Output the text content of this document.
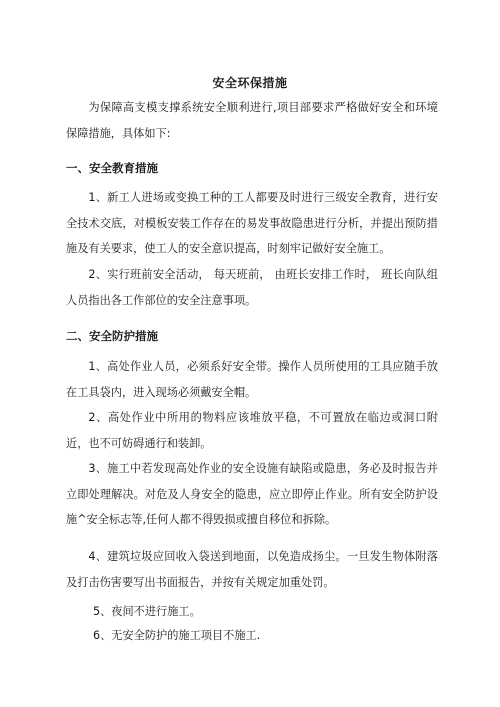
安全环保措施
为保障高支模支撑系统安全顺利进行,项目部要求严格做好安全和环境保障措施，具体如下:
一、安全教育措施
1、新工人进场或变换工种的工人都要及时进行三级安全教育，进行安全技术交底，对模板安装工作存在的易发事故隐患进行分析，并提出预防措施及有关要求，使工人的安全意识提高，时刻牢记做好安全施工。
2、实行班前安全活动， 每天班前， 由班长安排工作时， 班长向队组人员指出各工作部位的安全注意事项。
二、安全防护措施
1、高处作业人员，必须系好安全带。操作人员所使用的工具应随手放在工具袋内，进入现场必须戴安全帽。
2、高处作业中所用的物料应该堆放平稳，不可置放在临边或洞口附近，也不可妨碍通行和装卸。
3、施工中若发现高处作业的安全设施有缺陷或隐患，务必及时报告并立即处理解决。对危及人身安全的隐患，应立即停止作业。所有安全防护设施^安全标志等,任何人都不得毁损或擅自移位和拆除。
4、建筑垃圾应回收入袋送到地面，以免造成扬尘。一旦发生物体附落及打击伤害要写出书面报告，并按有关规定加重处罚。
5、夜间不进行施工。
6、无安全防护的施工项目不施工.
